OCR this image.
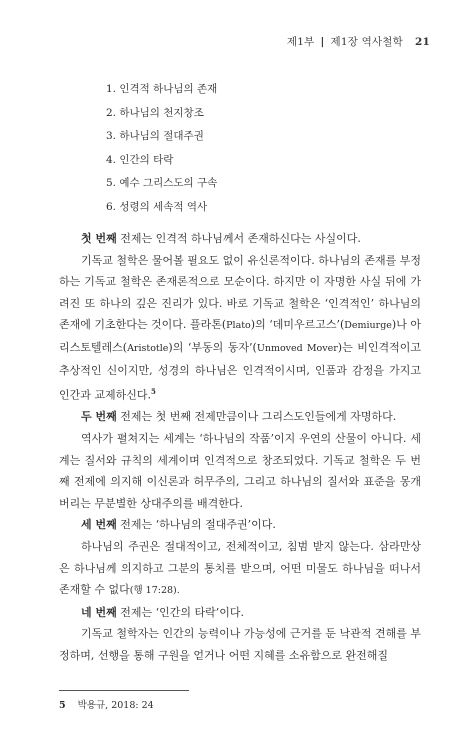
제1부 | 제1장 역사철학 21
1. 인격적 하나님의 존재
2. 하나님의 천지창조
3. 하나님의 절대주권
4. 인간의 타락
5. 예수 그리스도의 구속
6. 성령의 세속적 역사

첫 번째 전제는 인격적 하나님께서 존재하신다는 사실이다.

기독교 철학은 물어볼 필요도 없이 유신론적이다. 하나님의 존재를 부정하는 기독교 철학은 존재론적으로 모순이다. 하지만 이 자명한 사실 뒤에 가려진 또 하나의 깊은 진리가 있다. 바로 기독교 철학은 ‘인격적인’ 하나님의 존재에 기초한다는 것이다. 플라톤(Plato)의 ‘데미우르고스’(Demiurge)나 아리스토텔레스(Aristotle)의 ‘부동의 동자’(Unmoved Mover)는 비인격적이고 추상적인 신이지만, 성경의 하나님은 인격적이시며, 인품과 감정을 가지고 인간과 교제하신다.$^5$

두 번째 전제는 첫 번째 전제만큼이나 그리스도인들에게 자명하다.

역사가 펼쳐지는 세계는 ‘하나님의 작품’이지 우연의 산물이 아니다. 세계는 질서와 규칙의 세계이며 인격적으로 창조되었다. 기독교 철학은 두 번째 전제에 의지해 이신론과 허무주의, 그리고 하나님의 질서와 표준을 몽개 버리는 무분별한 상대주의를 배격한다.

세 번째 전제는 ‘하나님의 절대주권’이다.

하나님의 주권은 절대적이고, 전체적이고, 침범 받지 않는다. 삼라만상은 하나님께 의지하고 그분의 통치를 받으며, 어떤 미물도 하나님을 떠나서 존재할 수 없다(행 17:28).

네 번째 전제는 ‘인간의 타락’이다.

기독교 철학자는 인간의 능력이나 가능성에 근거를 둔 낙관적 견해를 부정하며, 선행을 통해 구원을 얻거나 어떤 지혜를 소유함으로 완전해질

5 박용규, 2018: 24
